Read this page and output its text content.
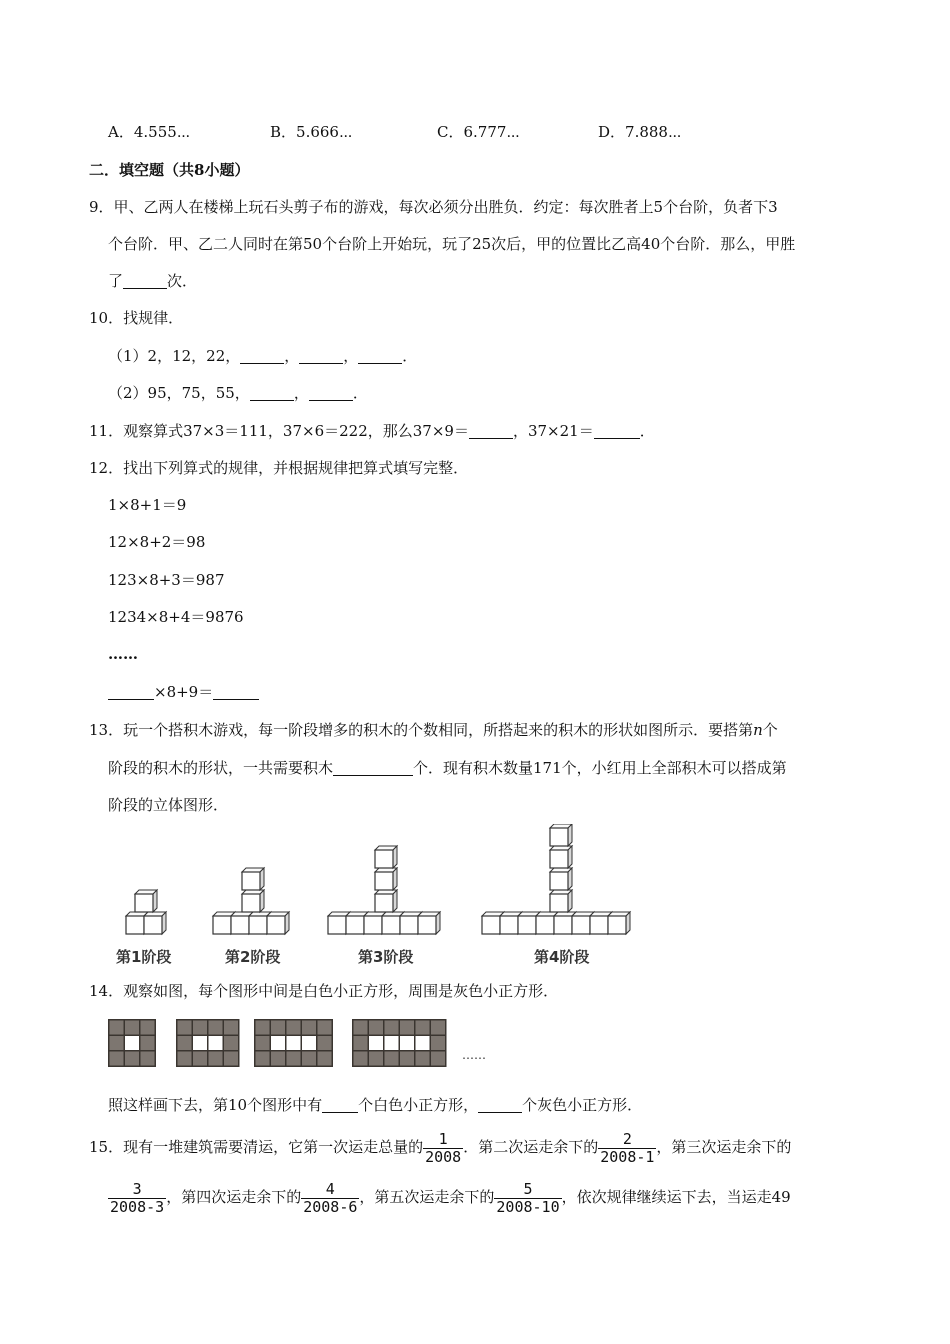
A．4.555⋯	B．5.666⋯	C．6.777⋯	D．7.888⋯
二．填空题（共8小题）
9．甲、乙两人在楼梯上玩石头剪子布的游戏，每次必须分出胜负．约定：每次胜者上5个台阶，负者下3
个台阶．甲、乙二人同时在第50个台阶上开始玩，玩了25次后，甲的位置比乙高40个台阶．那么，甲胜
了	次．
10．找规律．
（1）2，12，22，	，	，	．
（2）95，75，55，	，	．
11．观察算式37×3＝111，37×6＝222，那么37×9＝	，37×21＝	．
12．找出下列算式的规律，并根据规律把算式填写完整．
1×8+1＝9
12×8+2＝98
123×8+3＝987
1234×8+4＝9876
……
×8+9＝
13．玩一个搭积木游戏，每一阶段增多的积木的个数相同，所搭起来的积木的形状如图所示．要搭第n个
阶段的积木的形状，一共需要积木	个．现有积木数量171个，小红用上全部积木可以搭成第
阶段的立体图形．
第1阶段	第2阶段	第3阶段	第4阶段
14．观察如图，每个图形中间是白色小正方形，周围是灰色小正方形．
……
照这样画下去，第10个图形中有 个白色小正方形，	个灰色小正方形．
15．现有一堆建筑需要清运，它第一次运走总量的 $\frac{1}{2008}$ ．第二次运走余下的 $\frac{2}{2008-1}$ ，第三次运走余下的
$\frac{3}{2008-3}$ ，第四次运走余下的 $\frac{4}{2008-6}$ ，第五次运走余下的 $\frac{5}{2008-10}$ ，依次规律继续运下去，当运走49
